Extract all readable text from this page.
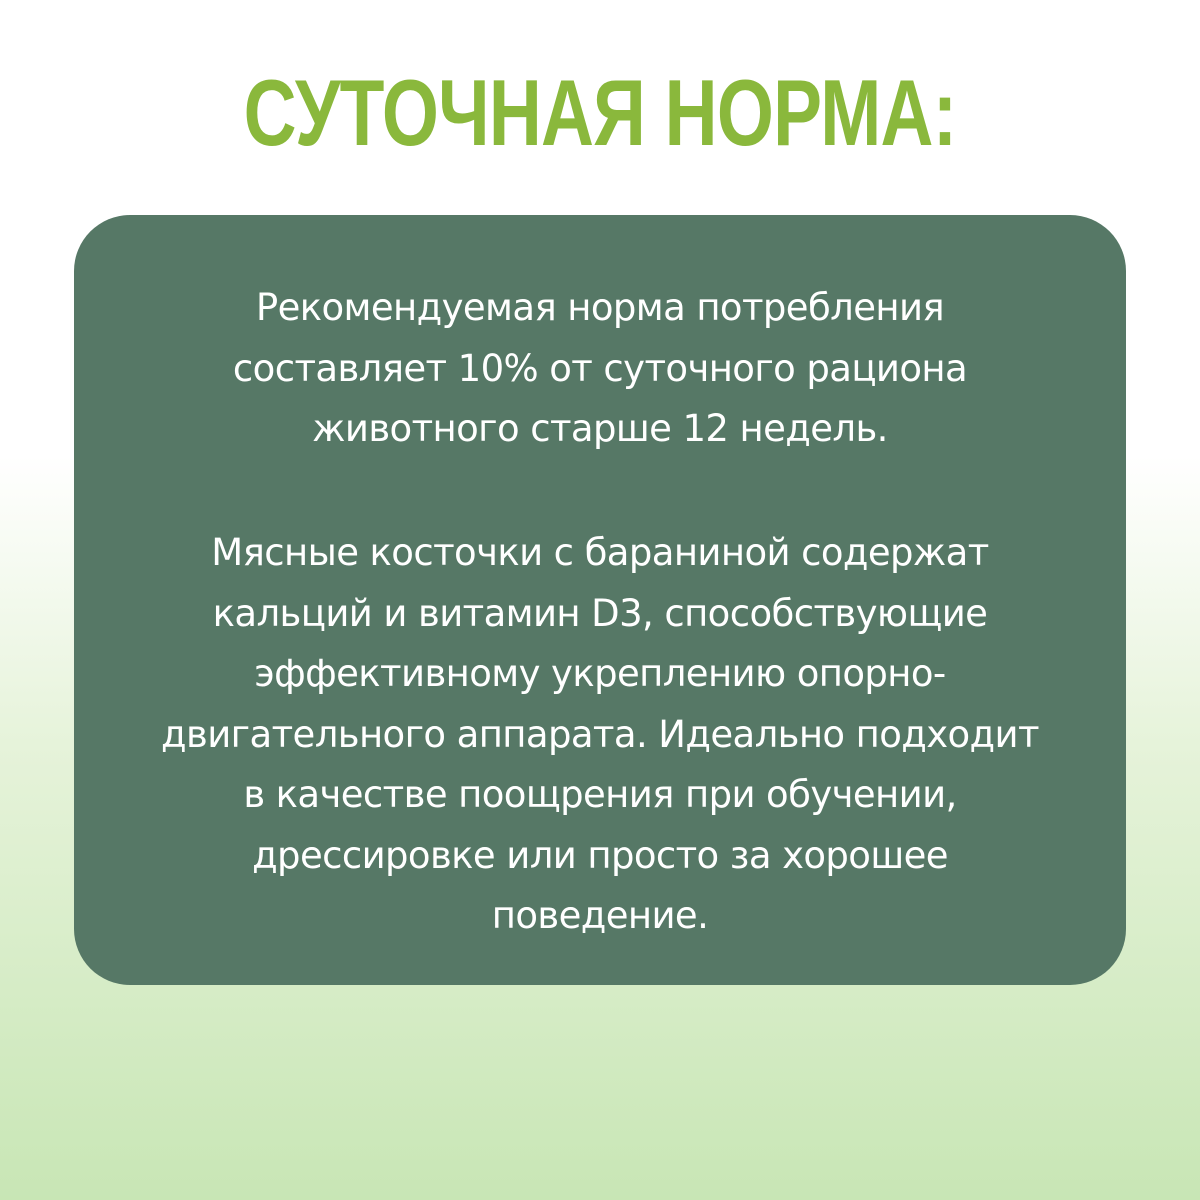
СУТОЧНАЯ НОРМА:

Рекомендуемая норма потребления
составляет 10% от суточного рациона
животного старше 12 недель.

Мясные косточки с бараниной содержат
кальций и витамин D3, способствующие
эффективному укреплению опорно-
двигательного аппарата. Идеально подходит
в качестве поощрения при обучении,
дрессировке или просто за хорошее
поведение.
